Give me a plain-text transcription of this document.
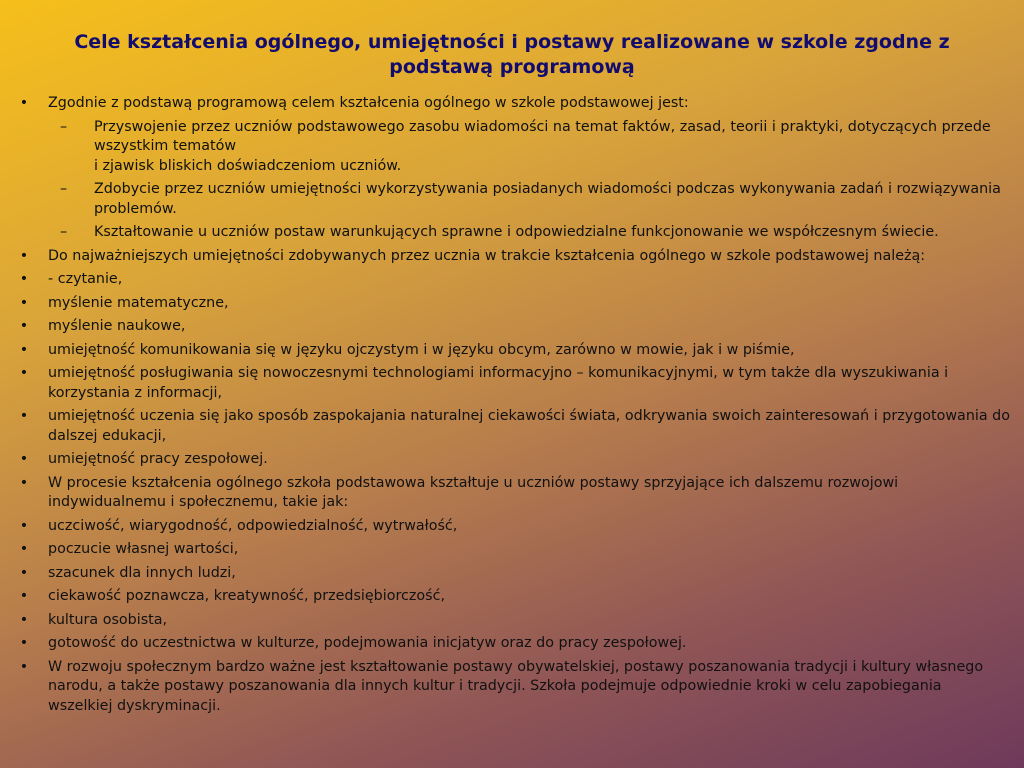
Cele kształcenia ogólnego, umiejętności i postawy realizowane w szkole zgodne z podstawą programową
•	Zgodnie z podstawą programową celem kształcenia ogólnego w szkole podstawowej jest:
– Przyswojenie przez uczniów podstawowego zasobu wiadomości na temat faktów, zasad, teorii i praktyki, dotyczących przede wszystkim tematów
i zjawisk bliskich doświadczeniom uczniów.
– Zdobycie przez uczniów umiejętności wykorzystywania posiadanych wiadomości podczas wykonywania zadań i rozwiązywania problemów.
– Kształtowanie u uczniów postaw warunkujących sprawne i odpowiedzialne funkcjonowanie we współczesnym świecie.
•	Do najważniejszych umiejętności zdobywanych przez ucznia w trakcie kształcenia ogólnego w szkole podstawowej należą:
•	- czytanie,
•	myślenie matematyczne,
•	myślenie naukowe,
•	umiejętność komunikowania się w języku ojczystym i w języku obcym, zarówno w mowie, jak i w piśmie,
•	umiejętność posługiwania się nowoczesnymi technologiami informacyjno – komunikacyjnymi, w tym także dla wyszukiwania i korzystania z informacji,
•	umiejętność uczenia się jako sposób zaspokajania naturalnej ciekawości świata, odkrywania swoich zainteresowań i przygotowania do dalszej edukacji,
•	umiejętność pracy zespołowej.
•	W procesie kształcenia ogólnego szkoła podstawowa kształtuje u uczniów postawy sprzyjające ich dalszemu rozwojowi indywidualnemu i społecznemu, takie jak:
•	uczciwość, wiarygodność, odpowiedzialność, wytrwałość,
•	poczucie własnej wartości,
•	szacunek dla innych ludzi,
•	ciekawość poznawcza, kreatywność, przedsiębiorczość,
•	kultura osobista,
•	gotowość do uczestnictwa w kulturze, podejmowania inicjatyw oraz do pracy zespołowej.
•	W rozwoju społecznym bardzo ważne jest kształtowanie postawy obywatelskiej, postawy poszanowania tradycji i kultury własnego narodu, a także postawy poszanowania dla innych kultur i tradycji. Szkoła podejmuje odpowiednie kroki w celu zapobiegania wszelkiej dyskryminacji.
